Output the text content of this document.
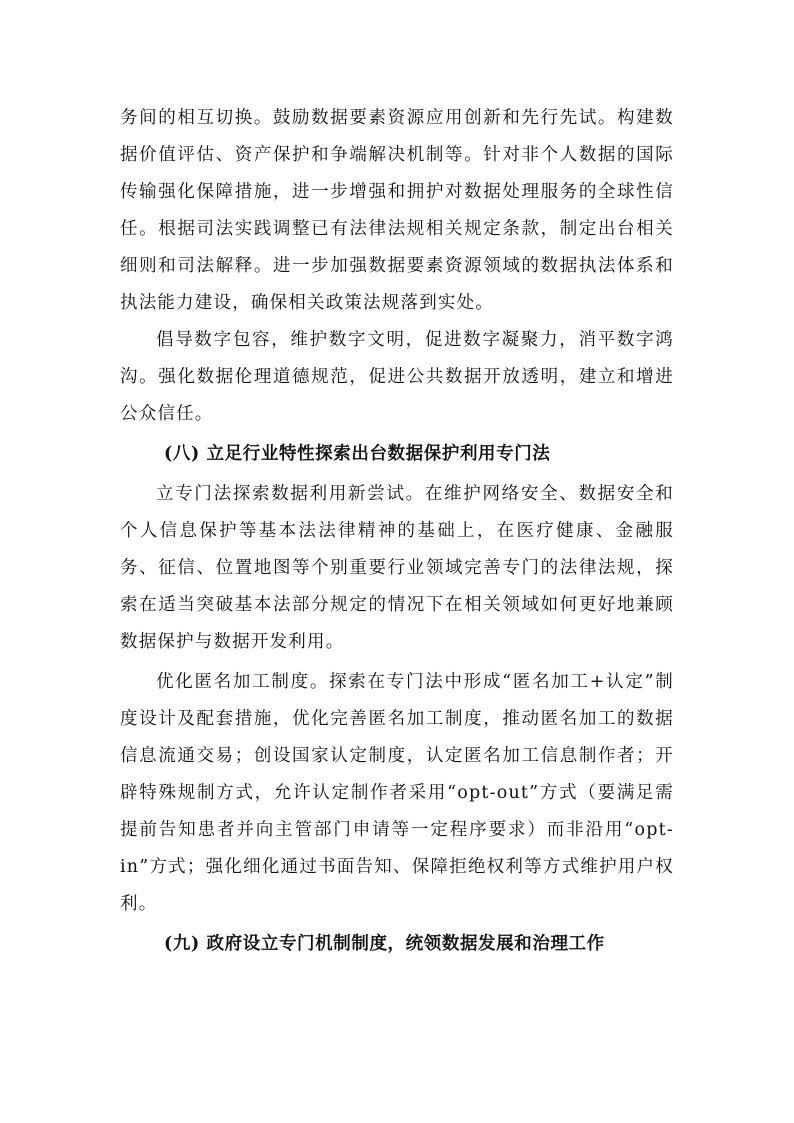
务间的相互切换。鼓励数据要素资源应用创新和先行先试。构建数据价值评估、资产保护和争端解决机制等。针对非个人数据的国际传输强化保障措施，进一步增强和拥护对数据处理服务的全球性信任。根据司法实践调整已有法律法规相关规定条款，制定出台相关细则和司法解释。进一步加强数据要素资源领域的数据执法体系和执法能力建设，确保相关政策法规落到实处。

倡导数字包容，维护数字文明，促进数字凝聚力，消平数字鸿沟。强化数据伦理道德规范，促进公共数据开放透明，建立和增进公众信任。

(八) 立足行业特性探索出台数据保护利用专门法

立专门法探索数据利用新尝试。在维护网络安全、数据安全和个人信息保护等基本法法律精神的基础上，在医疗健康、金融服务、征信、位置地图等个别重要行业领域完善专门的法律法规，探索在适当突破基本法部分规定的情况下在相关领域如何更好地兼顾数据保护与数据开发利用。

优化匿名加工制度。探索在专门法中形成“匿名加工+认定”制度设计及配套措施，优化完善匿名加工制度，推动匿名加工的数据信息流通交易；创设国家认定制度，认定匿名加工信息制作者；开辟特殊规制方式，允许认定制作者采用“opt-out”方式（要满足需提前告知患者并向主管部门申请等一定程序要求）而非沿用“opt-in”方式；强化细化通过书面告知、保障拒绝权利等方式维护用户权利。

(九) 政府设立专门机制制度，统领数据发展和治理工作
